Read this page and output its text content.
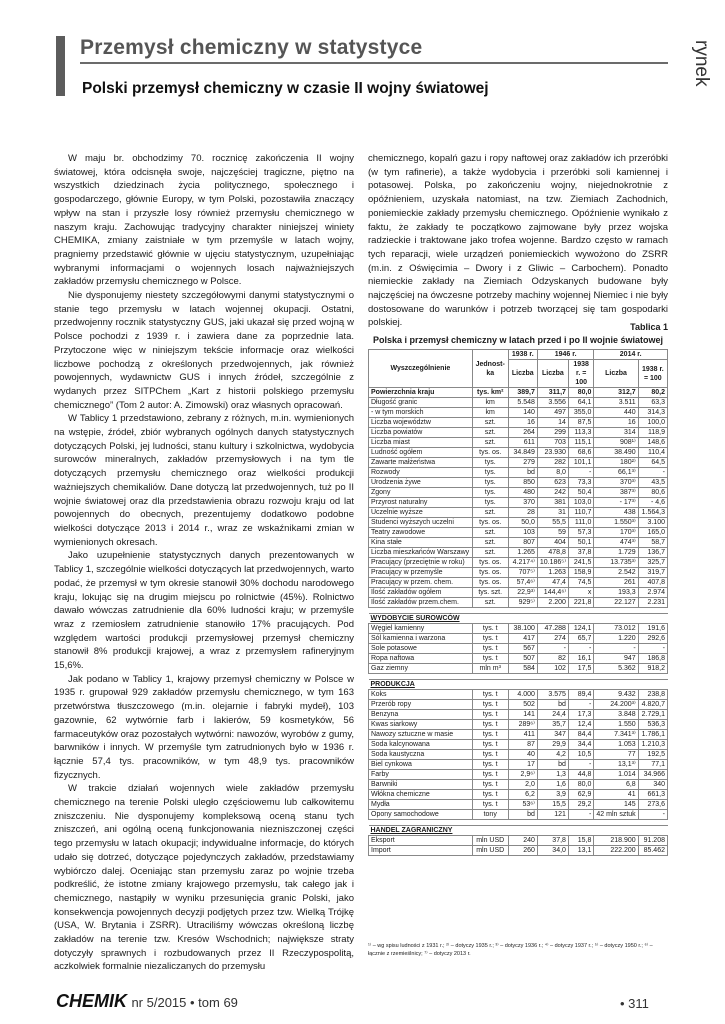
Przemysł chemiczny w statystyce
Polski przemysł chemiczny w czasie II wojny światowej
rynek

W maju br. obchodzimy 70. rocznicę zakończenia II wojny światowej, która odcisnęła swoje, najczęściej tragiczne, piętno na wszystkich dziedzinach życia politycznego, społecznego i gospodarczego, głównie Europy, w tym Polski, pozostawiła znaczący wpływ na stan i przyszłe losy również przemysłu chemicznego w naszym kraju. Zachowując tradycyjny charakter niniejszej winiety CHEMIKA, zmiany zaistniałe w tym przemyśle w latach wojny, pragniemy przedstawić głównie w ujęciu statystycznym, uzupełniając wybranymi informacjami o wojennych losach najważniejszych zakładów przemysłu chemicznego w Polsce.

Nie dysponujemy niestety szczegółowymi danymi statystycznymi o stanie tego przemysłu w latach wojennej okupacji. Ostatni, przedwojenny rocznik statystyczny GUS, jaki ukazał się przed wojną w Polsce pochodzi z 1939 r. i zawiera dane za poprzednie lata. Przytoczone więc w niniejszym tekście informacje oraz wielkości liczbowe pochodzą z określonych przedwojennych, jak również powojennych, wydawnictw GUS i innych źródeł, szczególnie z wydanych przez SITPChem „Kart z historii polskiego przemysłu chemicznego” (Tom 2 autor: A. Zimowski) oraz własnych opracowań.

W Tablicy 1 przedstawiono, zebrany z różnych, m.in. wymienionych na wstępie, źródeł, zbiór wybranych ogólnych danych statystycznych dotyczących Polski, jej ludności, stanu kultury i szkolnictwa, wydobycia surowców mineralnych, zakładów przemysłowych i na tym tle dotyczących przemysłu chemicznego oraz wielkości produkcji ważniejszych chemikaliów. Dane dotyczą lat przedwojennych, tuż po II wojnie światowej oraz dla przedstawienia obrazu rozwoju kraju od lat powojennych do obecnych, prezentujemy dodatkowo podobne wielkości dotyczące 2013 i 2014 r., wraz ze wskaźnikami zmian w wymienionych okresach.

Jako uzupełnienie statystycznych danych prezentowanych w Tablicy 1, szczególnie wielkości dotyczących lat przedwojennych, warto podać, że przemysł w tym okresie stanowił 30% dochodu narodowego kraju, lokując się na drugim miejscu po rolnictwie (45%). Rolnictwo dawało wówczas zatrudnienie dla 60% ludności kraju; w przemyśle wraz z rzemiosłem zatrudnienie stanowiło 17% pracujących. Pod względem wartości produkcji przemysłowej przemysł chemiczny stanowił 8% produkcji krajowej, a wraz z przemysłem rafineryjnym 15,6%.

Jak podano w Tablicy 1, krajowy przemysł chemiczny w Polsce w 1935 r. grupował 929 zakładów przemysłu chemicznego, w tym 163 przetwórstwa tłuszczowego (m.in. olejarnie i fabryki mydeł), 103 gazownie, 62 wytwórnie farb i lakierów, 59 kosmetyków, 56 farmaceutyków oraz pozostałych wytwórni: nawozów, wyrobów z gumy, barwników i innych. W przemyśle tym zatrudnionych było w 1936 r. łącznie 57,4 tys. pracowników, w tym 48,9 tys. pracowników fizycznych.

W trakcie działań wojennych wiele zakładów przemysłu chemicznego na terenie Polski uległo częściowemu lub całkowitemu zniszczeniu. Nie dysponujemy kompleksową oceną stanu tych zniszczeń, ani ogólną oceną funkcjonowania niezniszczonej części tego przemysłu w latach okupacji; indywidualne informacje, do których udało się dotrzeć, dotyczące pojedynczych zakładów, przedstawiamy wybiórczo dalej. Oceniając stan przemysłu zaraz po wojnie trzeba podkreślić, że istotne zmiany krajowego przemysłu, tak całego jak i chemicznego, nastąpiły w wyniku przesunięcia granic Polski, jako konsekwencja powojennych decyzji podjętych przez tzw. Wielką Trójkę (USA, W. Brytania i ZSRR). Utraciliśmy wówczas określoną liczbę zakładów na terenie tzw. Kresów Wschodnich; największe straty dotyczyły sprawnych i rozbudowanych przez II Rzeczypospolitą, aczkolwiek formalnie niezaliczanych do przemysłu

chemicznego, kopalń gazu i ropy naftowej oraz zakładów ich przeróbki (w tym rafinerie), a także wydobycia i przeróbki soli kamiennej i potasowej. Polska, po zakończeniu wojny, niejednokrotnie z opóźnieniem, uzyskała natomiast, na tzw. Ziemiach Zachodnich, poniemieckie zakłady przemysłu chemicznego. Opóźnienie wynikało z faktu, że zakłady te początkowo zajmowane były przez wojska radzieckie i traktowane jako trofea wojenne. Bardzo często w ramach tych reparacji, wiele urządzeń poniemieckich wywożono do ZSRR (m.in. z Oświęcimia – Dwory i z Gliwic – Carbochem). Ponadto niemieckie zakłady na Ziemiach Odzyskanych budowane były najczęściej na ówczesne potrzeby machiny wojennej Niemiec i nie były dostosowane do warunków i potrzeb tworzącej się tam gospodarki polskiej.	Tablica 1
Polska i przemysł chemiczny w latach przed i po II wojnie światowej
Wyszczególnienie	Jednost-ka	1938 r.	1946 r.		2014 r.	
		Liczba	Liczba	1938 r. = 100	Liczba	1938 r. = 100
Powierzchnia kraju	tys. km²	389,7	311,7	80,0	312,7	80,2
Długość granic	km	5.548	3.556	64,1	3.511	63,3
- w tym morskich	km	140	497	355,0	440	314,3
Liczba województw	szt.	16	14	87,5	16	100,0
Liczba powiatów	szt.	264	299	113,3	314	118,9
Liczba miast	szt.	611	703	115,1	908¹⁾	148,6
Ludność ogółem	tys. os.	34.849	23.930	68,6	38.490	110,4
Zawarte małżeństwa	tys.	279	282	101,1	180²⁾	64,5
Rozwody	tys.	bd	8,0	-	66,1³⁾	-
Urodzenia żywe	tys.	850	623	73,3	370³⁾	43,5
Zgony	tys.	480	242	50,4	387³⁾	80,6
Przyrost naturalny	tys.	370	381	103,0	- 17³⁾	- 4,6
Uczelnie wyższe	szt.	28	31	110,7	438	1.564,3
Studenci wyższych uczelni	tys. os.	50,0	55,5	111,0	1.550³⁾	3.100
Teatry zawodowe	szt.	103	59	57,3	170³⁾	165,0
Kina stałe	szt.	807	404	50,1	474³⁾	58,7
Liczba mieszkańców Warszawy	szt.	1.265	478,8	37,8	1.729	136,7
Pracujący (przeciętnie w roku)	tys. os.	4.217⁴⁾	10.186⁵⁾	241,5	13.735³⁾	325,7
Pracujący w przemyśle	tys. os.	707⁵⁾	1.263	158,9	2.542	319,7
Pracujący w przem. chem.	tys. os.	57,4⁶⁾	47,4	74,5	261	407,8
Ilość zakładów ogółem	tys. szt.	22,9³⁾	144,4⁶⁾	x	193,3	2.974
Ilość zakładów przem.chem.	szt.	929⁵⁾	2.200	221,8	22.127	2.231

WYDOBYCIE SUROWCÓW						
Węgiel kamienny	tys. t	38.100	47.288	124,1	73.012	191,6
Sól kamienna i warzona	tys. t	417	274	65,7	1.220	292,6
Sole potasowe	tys. t	567	-	-	-	-
Ropa naftowa	tys. t	507	82	16,1	947	186,8
Gaz ziemny	mln m³	584	102	17,5	5.362	918,2

PRODUKCJA						
Koks	tys. t	4.000	3.575	89,4	9.432	238,8
Przerób ropy	tys. t	502	bd	-	24.200³⁾	4.820,7
Benzyna	tys. t	141	24,4	17,3	3.848	2.729,1
Kwas siarkowy	tys. t	289⁶⁾	35,7	12,4	1.550	536,3
Nawozy sztuczne w masie	tys. t	411	347	84,4	7.341³⁾	1.786,1
Soda kalcynowana	tys. t	87	29,9	34,4	1.053	1.210,3
Soda kaustyczna	tys. t	40	4,2	10,5	77	192,5
Biel cynkowa	tys. t	17	bd	-	13,1³⁾	77,1
Farby	tys. t	2,9⁶⁾	1,3	44,8	1.014	34.966
Barwniki	tys. t	2,0	1,6	80,0	6,8	340
Włókna chemiczne	tys. t	6,2	3,9	62,9	41	661,3
Mydła	tys. t	53⁶⁾	15,5	29,2	145	273,6
Opony samochodowe	tony	bd	121	-	42 mln sztuk	-

HANDEL ZAGRANICZNY						
Eksport	mln USD	240	37,8	15,8	218.900	91.208
Import	mln USD	260	34,0	13,1	222.200	85.462
¹⁾ – wg spisu ludności z 1931 r.; ²⁾ – dotyczy 1935 r.; ³⁾ – dotyczy 1936 r.; ⁴⁾ – dotyczy 1937 r.; ⁵⁾ – dotyczy 1950 r.; ⁶⁾ – łącznie z rzemieślnicy; ⁷⁾ – dotyczy 2013 r.
CHEMIK nr 5/2015 • tom 69	• 311
